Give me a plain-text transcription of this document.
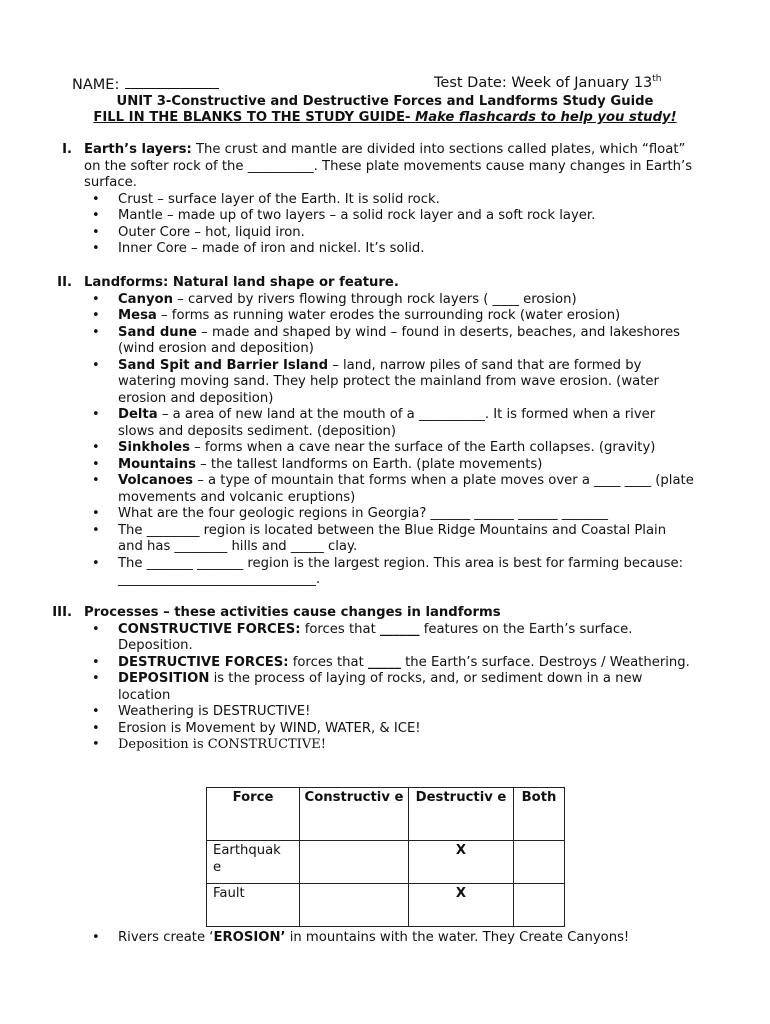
NAME:	Test Date: Week of January 13th
UNIT 3-Constructive and Destructive Forces and Landforms Study Guide
FILL IN THE BLANKS TO THE STUDY GUIDE- Make flashcards to help you study!
I. Earth’s layers: The crust and mantle are divided into sections called plates, which “float” on the softer rock of the __________. These plate movements cause many changes in Earth’s surface.
• Crust – surface layer of the Earth. It is solid rock.
• Mantle – made up of two layers – a solid rock layer and a soft rock layer.
• Outer Core – hot, liquid iron.
• Inner Core – made of iron and nickel. It’s solid.
II. Landforms: Natural land shape or feature.
• Canyon – carved by rivers flowing through rock layers ( ____ erosion)
• Mesa – forms as running water erodes the surrounding rock (water erosion)
• Sand dune – made and shaped by wind – found in deserts, beaches, and lakeshores (wind erosion and deposition)
• Sand Spit and Barrier Island – land, narrow piles of sand that are formed by watering moving sand. They help protect the mainland from wave erosion. (water erosion and deposition)
• Delta – a area of new land at the mouth of a __________. It is formed when a river slows and deposits sediment. (deposition)
• Sinkholes – forms when a cave near the surface of the Earth collapses. (gravity)
• Mountains – the tallest landforms on Earth. (plate movements)
• Volcanoes – a type of mountain that forms when a plate moves over a ____ ____ (plate movements and volcanic eruptions)
• What are the four geologic regions in Georgia? ______ ______ ______ _______
• The ________ region is located between the Blue Ridge Mountains and Coastal Plain and has ________ hills and _____ clay.
• The _______ _______ region is the largest region. This area is best for farming because: ______________________________.
III. Processes – these activities cause changes in landforms
• CONSTRUCTIVE FORCES: forces that ______ features on the Earth’s surface. Deposition.
• DESTRUCTIVE FORCES: forces that _____ the Earth’s surface. Destroys / Weathering.
• DEPOSITION is the process of laying of rocks, and, or sediment down in a new location
• Weathering is DESTRUCTIVE!
• Erosion is Movement by WIND, WATER, & ICE!
• Deposition is CONSTRUCTIVE!
Force	Constructiv e	Destructiv e	Both
Earthquak e		X	
Fault		X	
• Rivers create ‘EROSION’ in mountains with the water. They Create Canyons!
